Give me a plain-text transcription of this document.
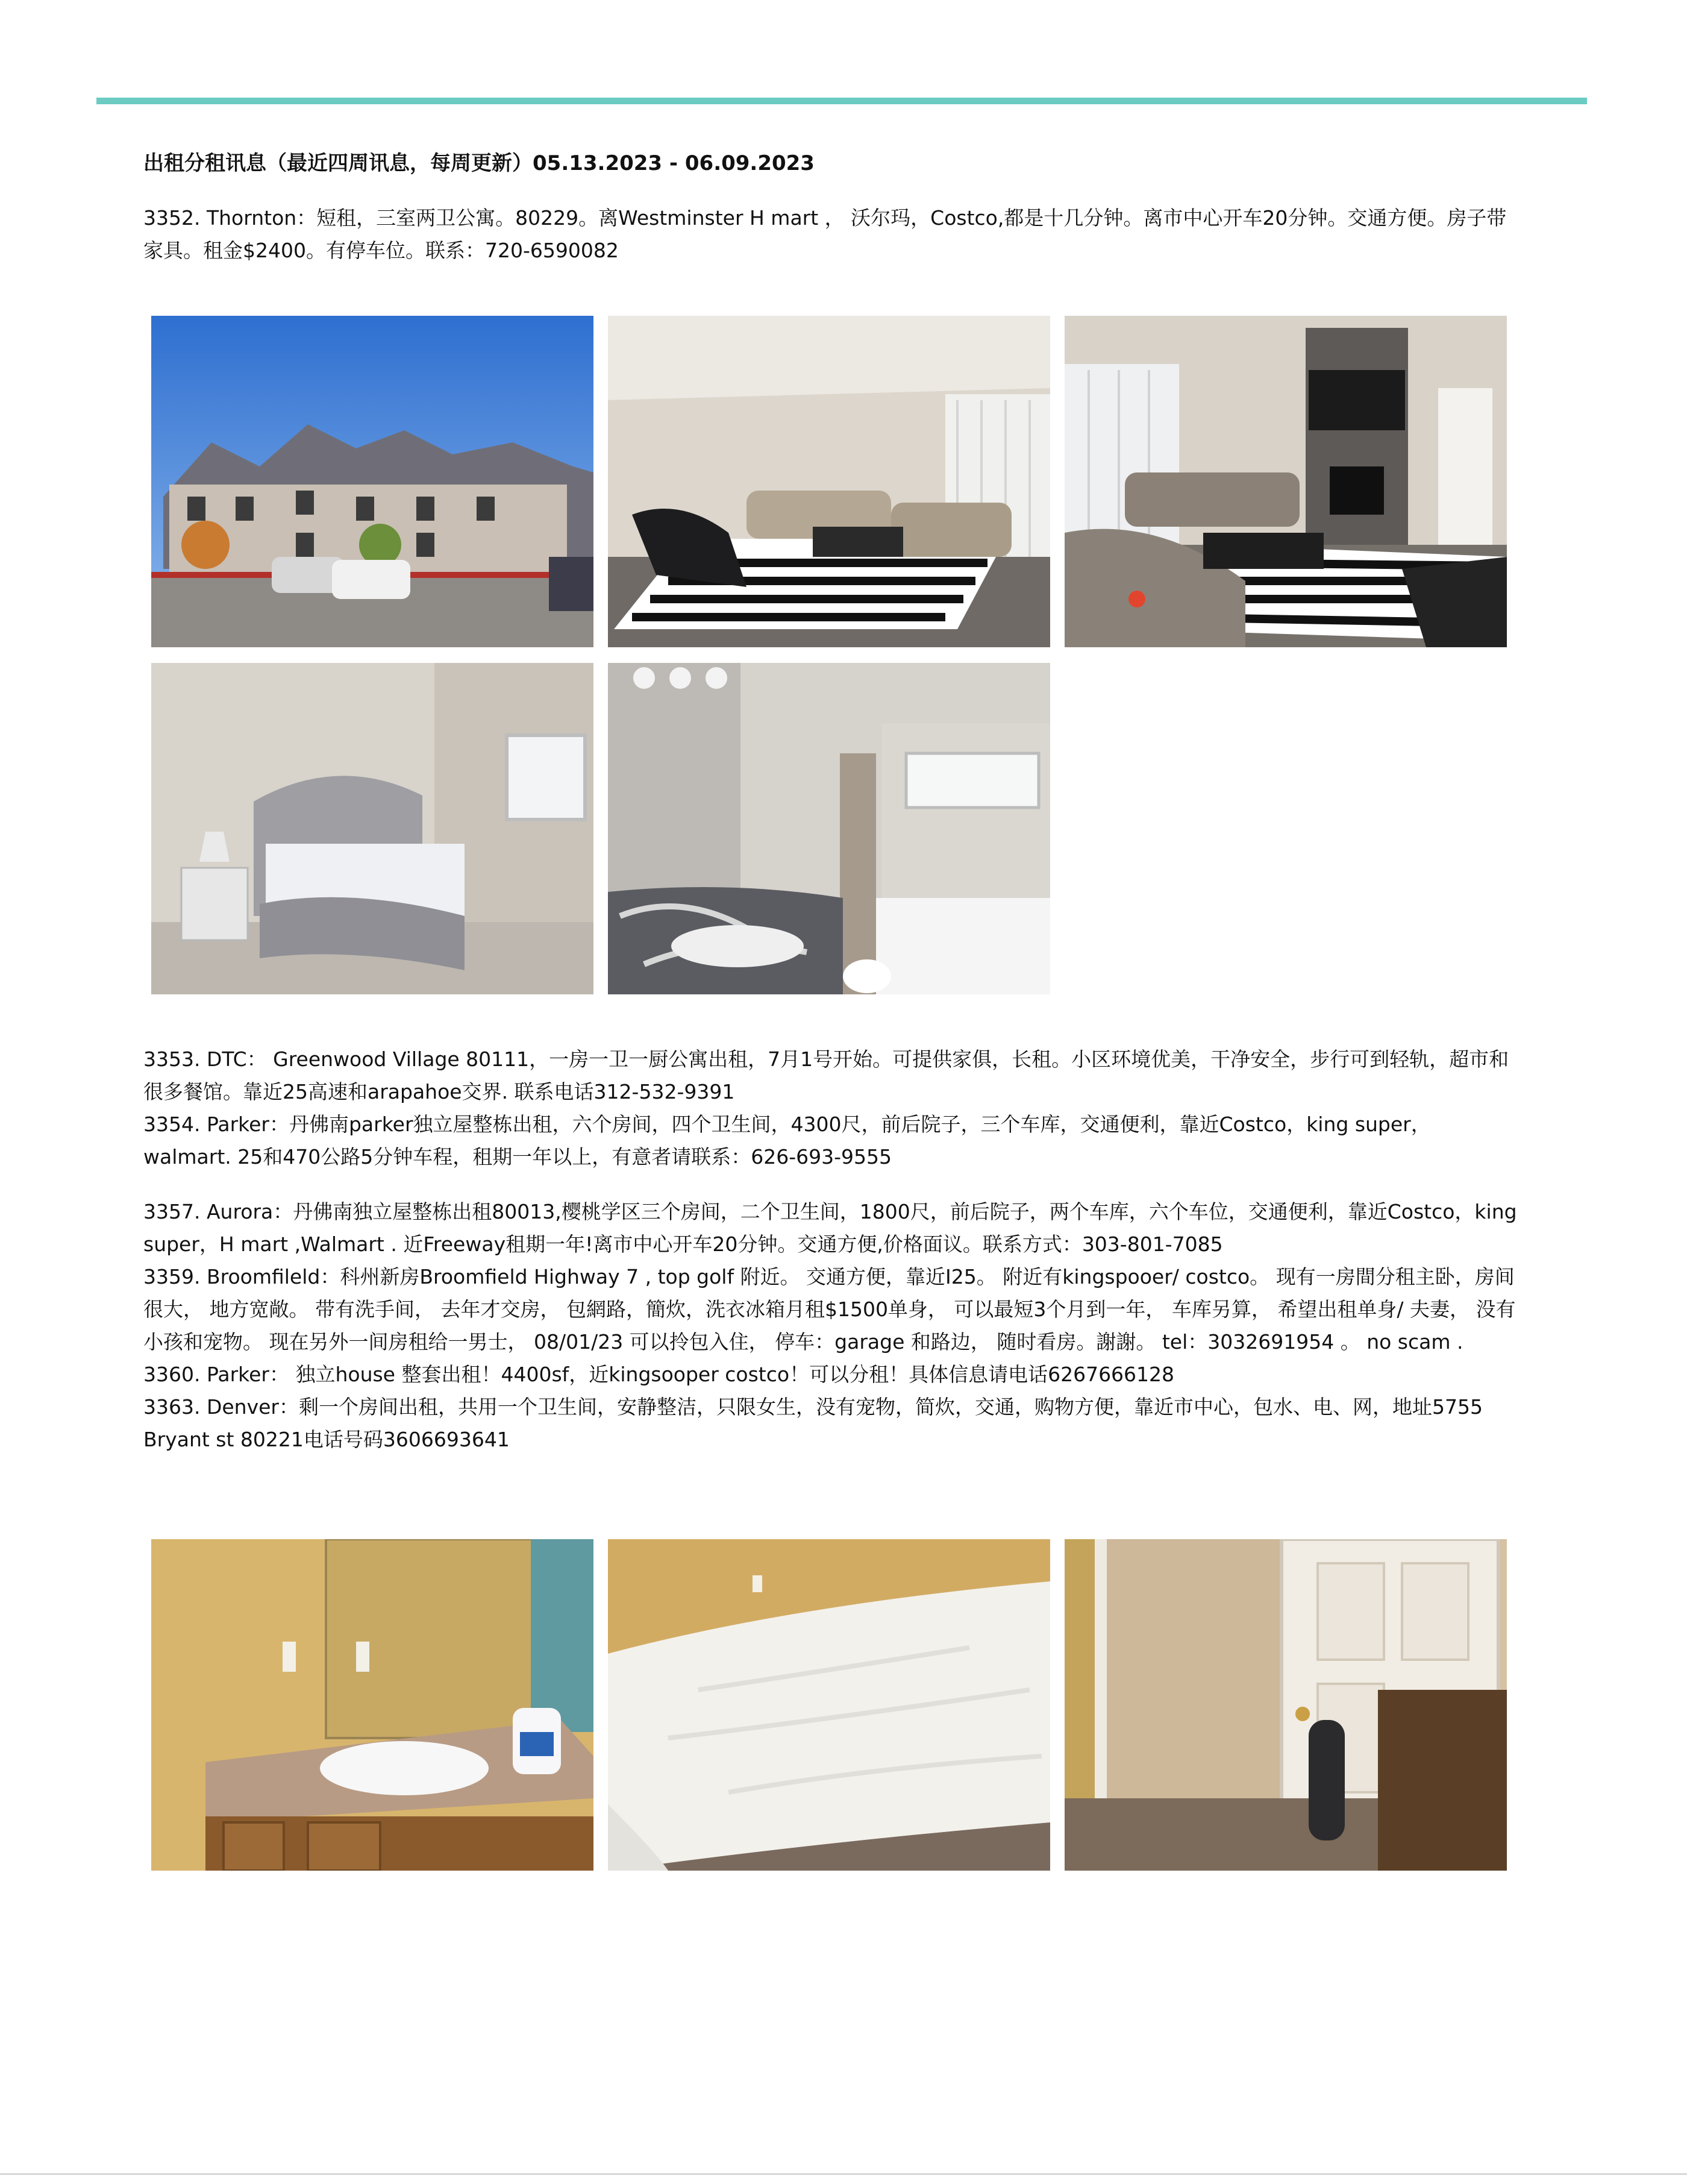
出租分租讯息（最近四周讯息，每周更新）05.13.2023 - 06.09.2023

3352. Thornton：短租，三室两卫公寓。80229。离Westminster H mart ， 沃尔玛，Costco,都是十几分钟。离市中心开车20分钟。交通方便。房子带家具。租金$2400。有停车位。联系：720-6590082

3353. DTC： Greenwood Village 80111，一房一卫一厨公寓出租，7月1号开始。可提供家俱，长租。小区环境优美，干净安全，步行可到轻轨，超市和很多餐馆。靠近25高速和arapahoe交界. 联系电话312-532-9391

3354. Parker：丹佛南parker独立屋整栋出租，六个房间，四个卫生间，4300尺，前后院子，三个车库，交通便利，靠近Costco，king super，walmart. 25和470公路5分钟车程，租期一年以上，有意者请联系：626-693-9555

3357. Aurora：丹佛南独立屋整栋出租80013,樱桃学区三个房间，二个卫生间，1800尺，前后院子，两个车库，六个车位，交通便利，靠近Costco，king super，H mart ,Walmart . 近Freeway租期一年!离市中心开车20分钟。交通方便,价格面议。联系方式：303-801-7085

3359. Broomfileld：科州新房Broomfield Highway 7 , top golf 附近。 交通方便，靠近I25。 附近有kingspooer/ costco。 现有一房間分租主卧，房间很大， 地方宽敞。 带有洗手间， 去年才交房， 包網路，簡炊，洗衣冰箱月租$1500单身， 可以最短3个月到一年， 车库另算， 希望出租单身/ 夫妻， 没有小孩和宠物。 现在另外一间房租给一男士， 08/01/23 可以拎包入住， 停车：garage 和路边， 随时看房。謝謝。 tel：3032691954 。 no scam .

3360. Parker： 独立house 整套出租！4400sf，近kingsooper costco！可以分租！具体信息请电话6267666128

3363. Denver：剩一个房间出租，共用一个卫生间，安静整洁，只限女生，没有宠物，简炊，交通，购物方便，靠近市中心，包水、电、网，地址5755 Bryant st 80221电话号码3606693641
